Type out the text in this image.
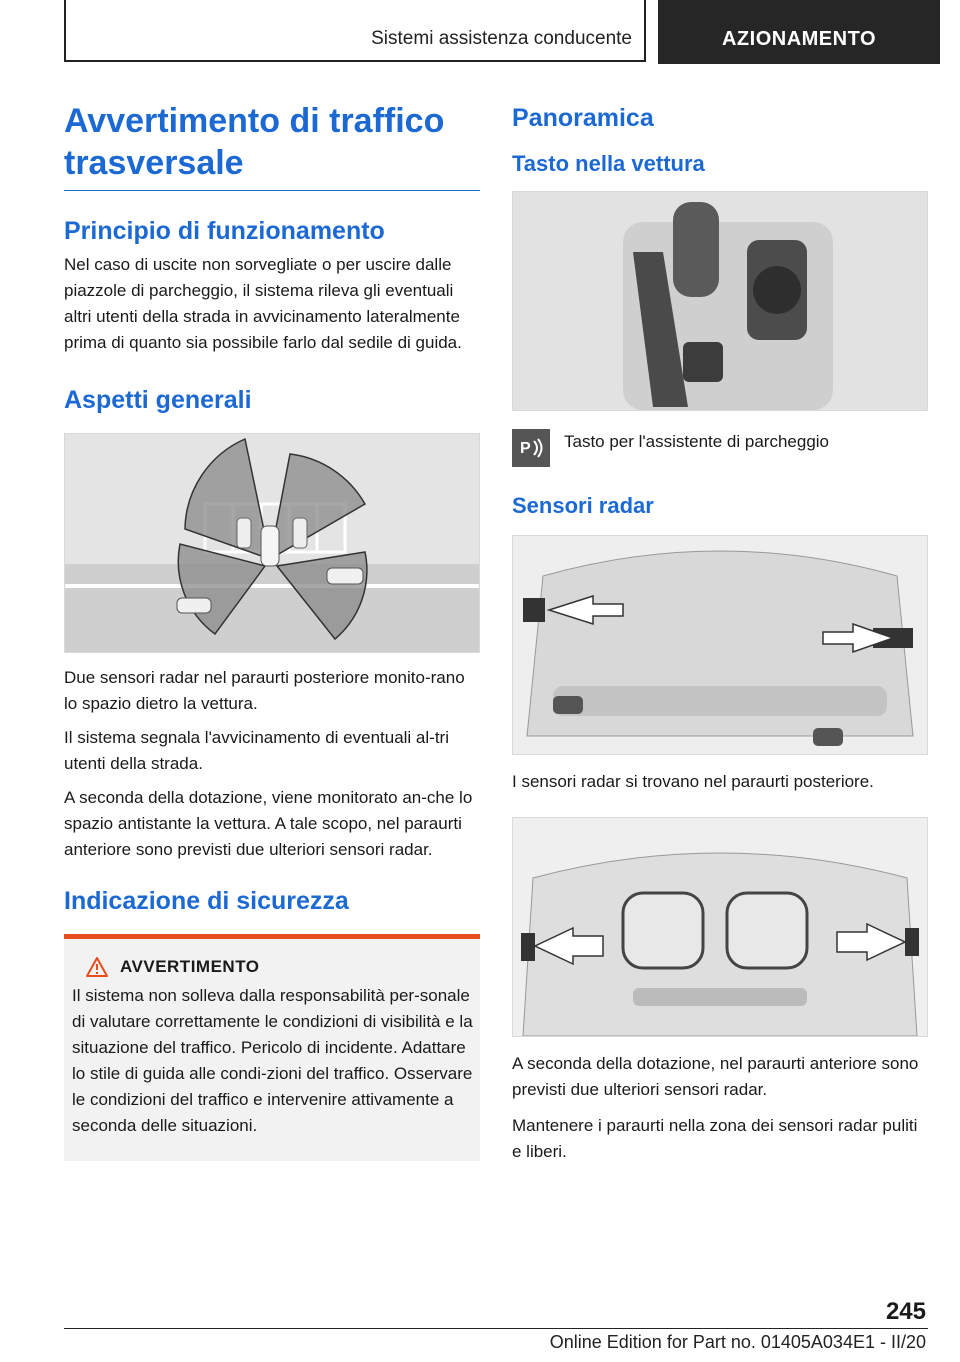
Sistemi assistenza conducente	AZIONAMENTO
Avvertimento di traffico trasversale
Principio di funzionamento

Nel caso di uscite non sorvegliate o per uscire dalle piazzole di parcheggio, il sistema rileva gli eventuali altri utenti della strada in avvicinamento lateralmente prima di quanto sia possibile farlo dal sedile di guida.

Aspetti generali

Due sensori radar nel paraurti posteriore monito-rano lo spazio dietro la vettura.

Il sistema segnala l'avvicinamento di eventuali al-tri utenti della strada.

A seconda della dotazione, viene monitorato an-che lo spazio antistante la vettura. A tale scopo, nel paraurti anteriore sono previsti due ulteriori sensori radar.

Indicazione di sicurezza
AVVERTIMENTO

Il sistema non solleva dalla responsabilità per-sonale di valutare correttamente le condizioni di visibilità e la situazione del traffico. Pericolo di incidente. Adattare lo stile di guida alle condi-zioni del traffico. Osservare le condizioni del traffico e intervenire attivamente a seconda delle situazioni.

Panoramica
Tasto nella vettura
P Tasto per l'assistente di parcheggio

Sensori radar

I sensori radar si trovano nel paraurti posteriore.

A seconda della dotazione, nel paraurti anteriore sono previsti due ulteriori sensori radar.

Mantenere i paraurti nella zona dei sensori radar puliti e liberi.

245
Online Edition for Part no. 01405A034E1 - II/20
